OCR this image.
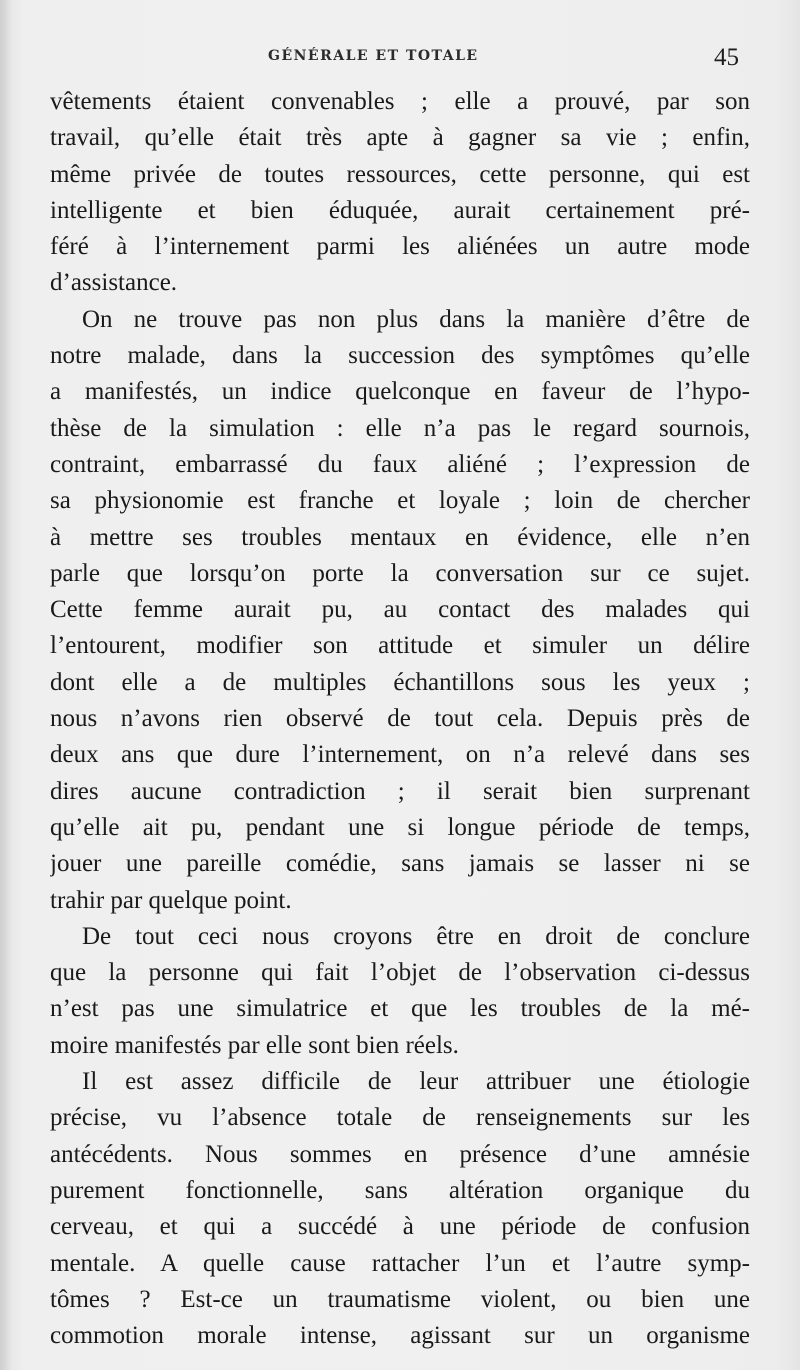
GÉNÉRALE ET TOTALE	45
vêtements étaient convenables ; elle a prouvé, par son
travail, qu’elle était très apte à gagner sa vie ; enfin,
même privée de toutes ressources, cette personne, qui est
intelligente et bien éduquée, aurait certainement pré-
féré à l’internement parmi les aliénées un autre mode
d’assistance.
On ne trouve pas non plus dans la manière d’être de
notre malade, dans la succession des symptômes qu’elle
a manifestés, un indice quelconque en faveur de l’hypo-
thèse de la simulation : elle n’a pas le regard sournois,
contraint, embarrassé du faux aliéné ; l’expression de
sa physionomie est franche et loyale ; loin de chercher
à mettre ses troubles mentaux en évidence, elle n’en
parle que lorsqu’on porte la conversation sur ce sujet.
Cette femme aurait pu, au contact des malades qui
l’entourent, modifier son attitude et simuler un délire
dont elle a de multiples échantillons sous les yeux ;
nous n’avons rien observé de tout cela. Depuis près de
deux ans que dure l’internement, on n’a relevé dans ses
dires aucune contradiction ; il serait bien surprenant
qu’elle ait pu, pendant une si longue période de temps,
jouer une pareille comédie, sans jamais se lasser ni se
trahir par quelque point.
De tout ceci nous croyons être en droit de conclure
que la personne qui fait l’objet de l’observation ci-dessus
n’est pas une simulatrice et que les troubles de la mé-
moire manifestés par elle sont bien réels.
Il est assez difficile de leur attribuer une étiologie
précise, vu l’absence totale de renseignements sur les
antécédents. Nous sommes en présence d’une amnésie
purement fonctionnelle, sans altération organique du
cerveau, et qui a succédé à une période de confusion
mentale. A quelle cause rattacher l’un et l’autre symp-
tômes ? Est-ce un traumatisme violent, ou bien une
commotion morale intense, agissant sur un organisme
